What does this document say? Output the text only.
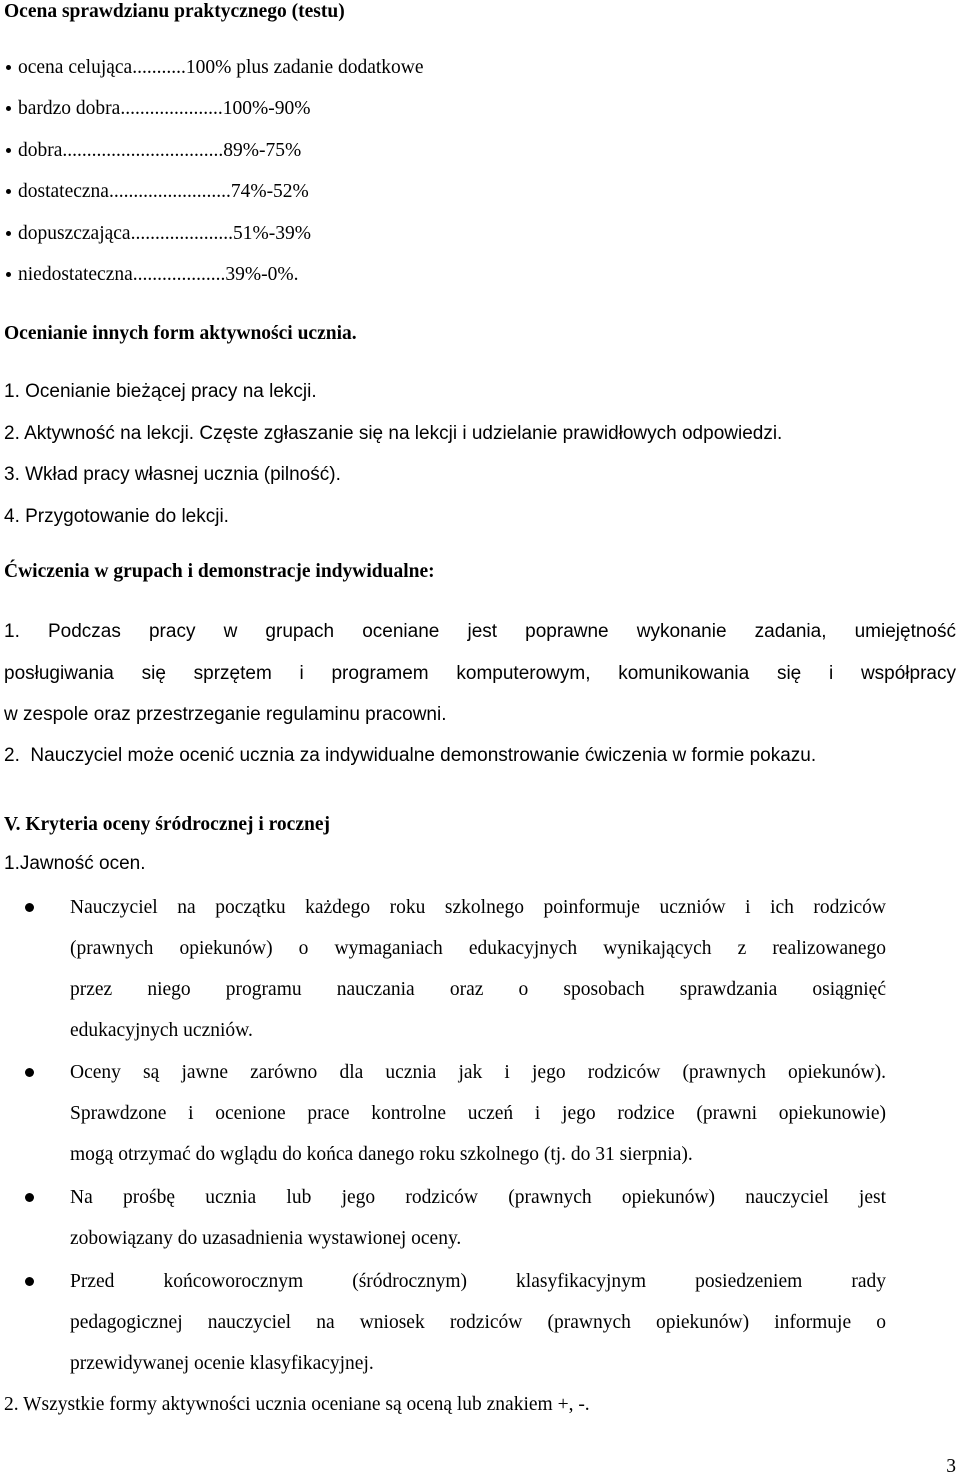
Ocena sprawdzianu praktycznego (testu)
ocena celująca...........100% plus zadanie dodatkowe
bardzo dobra.....................100%-90%
dobra.................................89%-75%
dostateczna.........................74%-52%
dopuszczająca.....................51%-39%
niedostateczna...................39%-0%.
Ocenianie innych form aktywności ucznia.
1. Ocenianie bieżącej pracy na lekcji.
2. Aktywność na lekcji. Częste zgłaszanie się na lekcji i udzielanie prawidłowych odpowiedzi.
3. Wkład pracy własnej ucznia (pilność).
4. Przygotowanie do lekcji.
Ćwiczenia w grupach i demonstracje indywidualne:
1.   Podczas   pracy   w   grupach   oceniane   jest   poprawne   wykonanie   zadania,   umiejętność
posługiwania   się   sprzętem   i   programem   komputerowym,   komunikowania   się   i   współpracy
w zespole oraz przestrzeganie regulaminu pracowni.
2.  Nauczyciel może ocenić ucznia za indywidualne demonstrowanie ćwiczenia w formie pokazu.
V. Kryteria oceny śródrocznej i rocznej
1.Jawność ocen.
Nauczyciel na początku każdego roku szkolnego poinformuje uczniów i ich rodziców
(prawnych opiekunów) o wymaganiach edukacyjnych wynikających z realizowanego
przez niego programu nauczania oraz o sposobach sprawdzania osiągnięć
edukacyjnych uczniów.
Oceny są jawne zarówno dla ucznia jak i jego rodziców (prawnych opiekunów).
Sprawdzone i ocenione prace kontrolne uczeń i jego rodzice (prawni opiekunowie)
mogą otrzymać do wglądu do końca danego roku szkolnego (tj. do 31 sierpnia).
Na prośbę ucznia lub jego rodziców (prawnych opiekunów) nauczyciel jest
zobowiązany do uzasadnienia wystawionej oceny.
Przed końcoworocznym (śródrocznym) klasyfikacyjnym posiedzeniem rady
pedagogicznej nauczyciel na wniosek rodziców (prawnych opiekunów) informuje o
przewidywanej ocenie klasyfikacyjnej.
2. Wszystkie formy aktywności ucznia oceniane są oceną lub znakiem +, -.
3
